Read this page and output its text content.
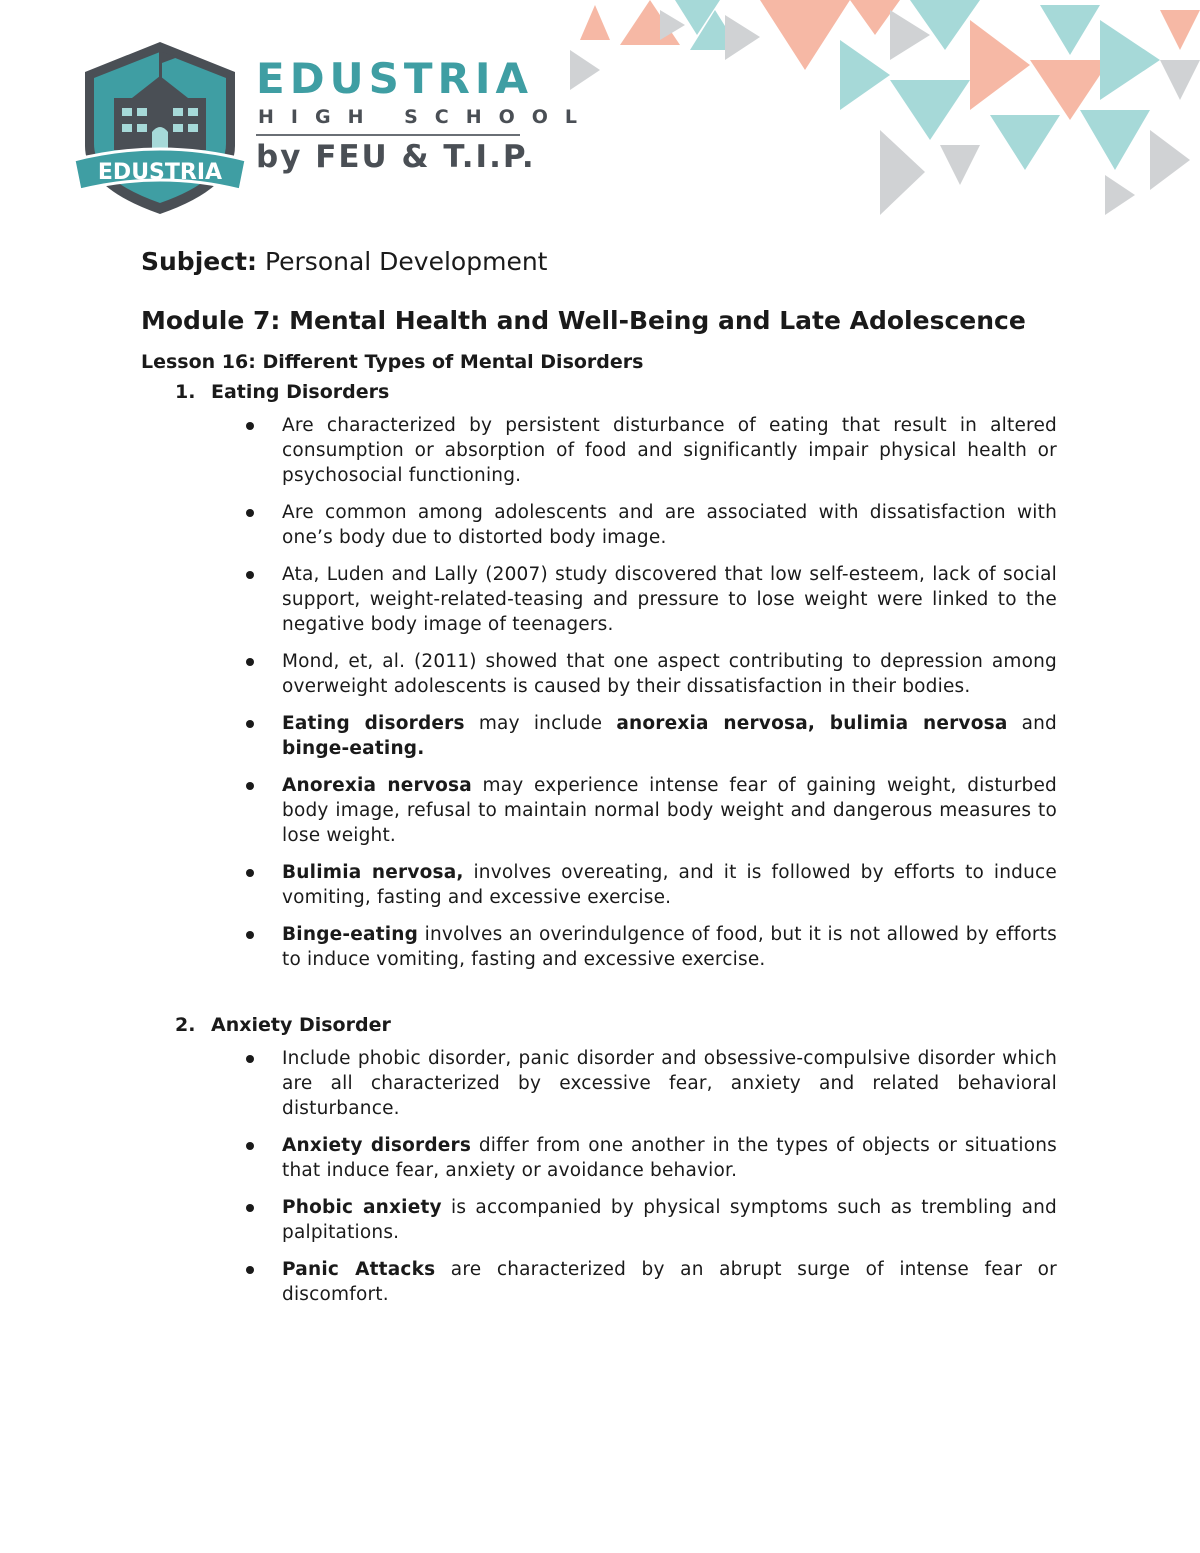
EDUSTRIA
EDUSTRIA
HIGH SCHOOL
by FEU & T.I.P.

Subject: Personal Development

Module 7: Mental Health and Well-Being and Late Adolescence
Lesson 16: Different Types of Mental Disorders
1. Eating Disorders
Are characterized by persistent disturbance of eating that result in altered consumption or absorption of food and significantly impair physical health or psychosocial functioning.
Are common among adolescents and are associated with dissatisfaction with one’s body due to distorted body image.
Ata, Luden and Lally (2007) study discovered that low self-esteem, lack of social support, weight-related-teasing and pressure to lose weight were linked to the negative body image of teenagers.
Mond, et, al. (2011) showed that one aspect contributing to depression among overweight adolescents is caused by their dissatisfaction in their bodies.
Eating disorders may include anorexia nervosa, bulimia nervosa and binge-eating.
Anorexia nervosa may experience intense fear of gaining weight, disturbed body image, refusal to maintain normal body weight and dangerous measures to lose weight.
Bulimia nervosa, involves overeating, and it is followed by efforts to induce vomiting, fasting and excessive exercise.
Binge-eating involves an overindulgence of food, but it is not allowed by efforts to induce vomiting, fasting and excessive exercise.
2. Anxiety Disorder
Include phobic disorder, panic disorder and obsessive-compulsive disorder which are all characterized by excessive fear, anxiety and related behavioral disturbance.
Anxiety disorders differ from one another in the types of objects or situations that induce fear, anxiety or avoidance behavior.
Phobic anxiety is accompanied by physical symptoms such as trembling and palpitations.
Panic Attacks are characterized by an abrupt surge of intense fear or discomfort.
